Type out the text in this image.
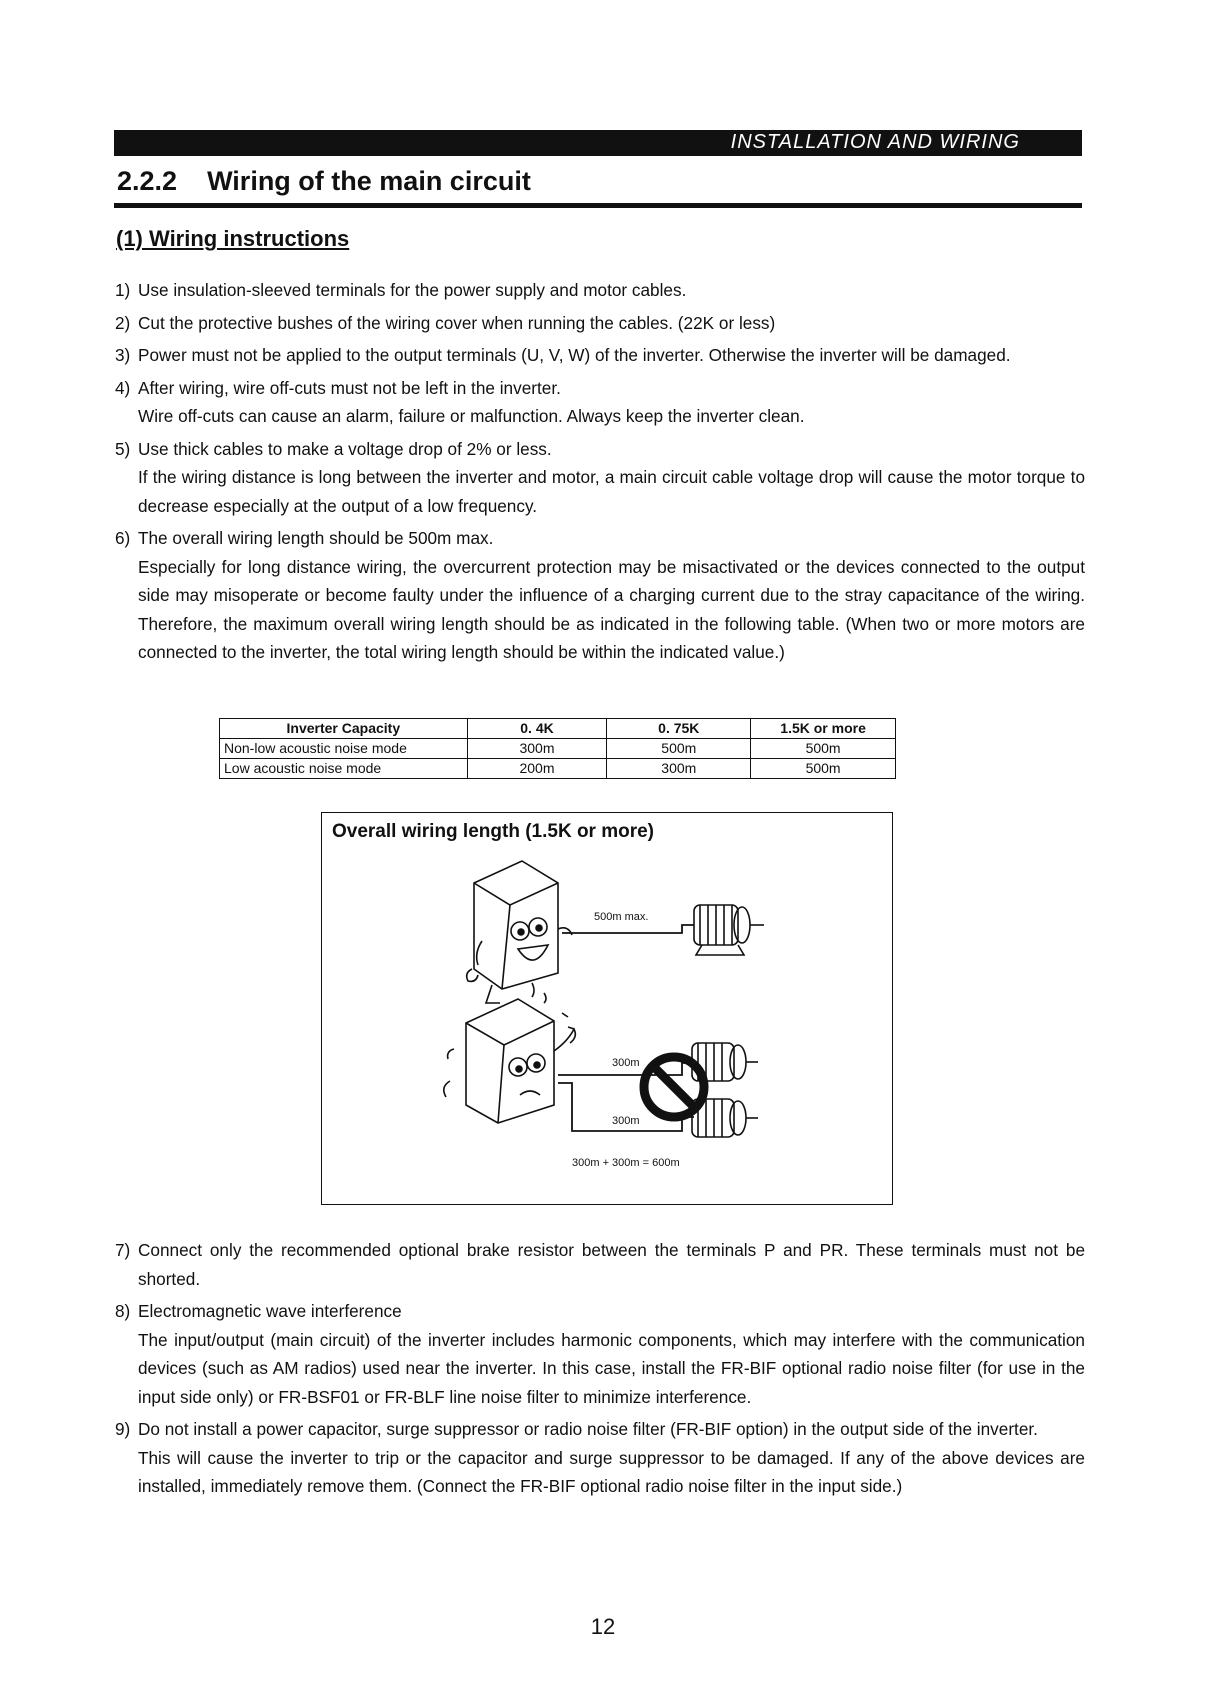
INSTALLATION AND WIRING
2.2.2 Wiring of the main circuit
(1) Wiring instructions
1) Use insulation-sleeved terminals for the power supply and motor cables.

2) Cut the protective bushes of the wiring cover when running the cables. (22K or less)

3) Power must not be applied to the output terminals (U, V, W) of the inverter. Otherwise the inverter will be damaged.

4) After wiring, wire off-cuts must not be left in the inverter.

Wire off-cuts can cause an alarm, failure or malfunction. Always keep the inverter clean.

5) Use thick cables to make a voltage drop of 2% or less.

If the wiring distance is long between the inverter and motor, a main circuit cable voltage drop will cause the motor torque to decrease especially at the output of a low frequency.

6) The overall wiring length should be 500m max.

Especially for long distance wiring, the overcurrent protection may be misactivated or the devices connected to the output side may misoperate or become faulty under the influence of a charging current due to the stray capacitance of the wiring. Therefore, the maximum overall wiring length should be as indicated in the following table. (When two or more motors are connected to the inverter, the total wiring length should be within the indicated value.)

Inverter Capacity	0. 4K	0. 75K	1.5K or more
Non-low acoustic noise mode	300m	500m	500m
Low acoustic noise mode	200m	300m	500m

Overall wiring length (1.5K or more)

500m max.
300m
300m
300m + 300m = 600m
7) Connect only the recommended optional brake resistor between the terminals P and PR. These terminals must not be shorted.

8) Electromagnetic wave interference

The input/output (main circuit) of the inverter includes harmonic components, which may interfere with the communication devices (such as AM radios) used near the inverter. In this case, install the FR-BIF optional radio noise filter (for use in the input side only) or FR-BSF01 or FR-BLF line noise filter to minimize interference.

9) Do not install a power capacitor, surge suppressor or radio noise filter (FR-BIF option) in the output side of the inverter.

This will cause the inverter to trip or the capacitor and surge suppressor to be damaged. If any of the above devices are installed, immediately remove them. (Connect the FR-BIF optional radio noise filter in the input side.)

12
